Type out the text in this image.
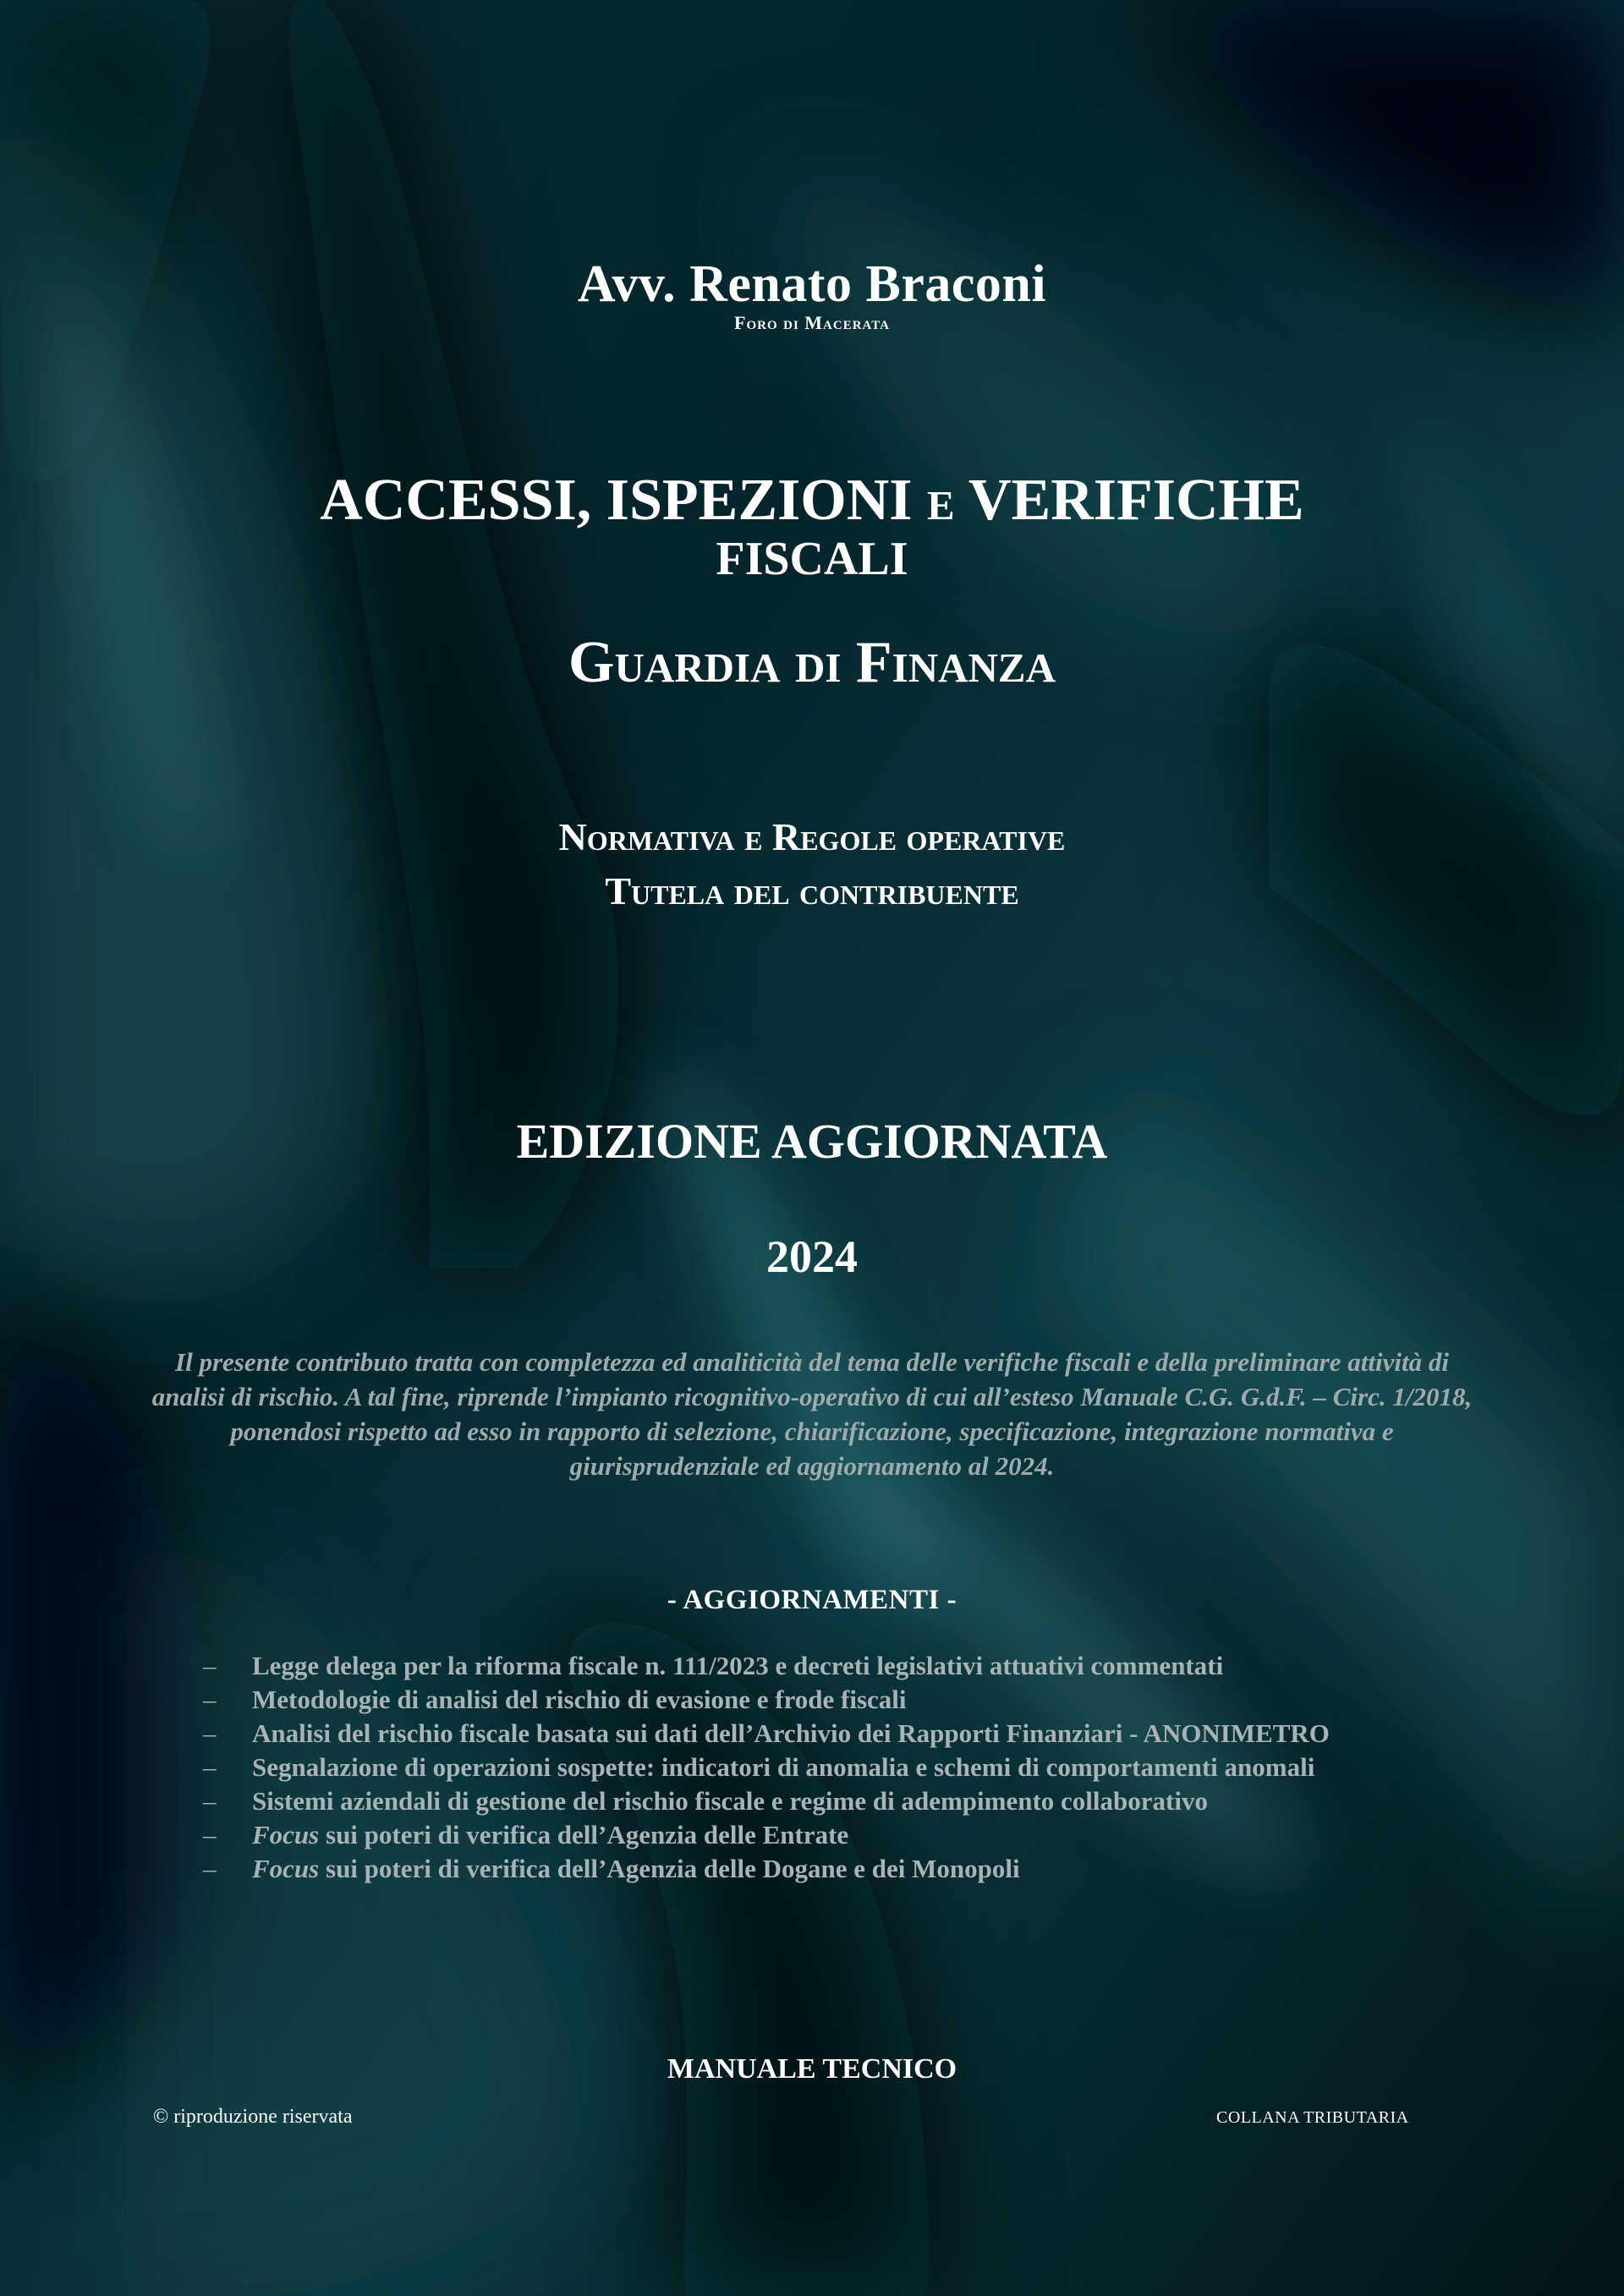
Avv. Renato Braconi
Foro di Macerata
ACCESSI, ISPEZIONI e VERIFICHE
FISCALI
Guardia di Finanza
Normativa e Regole operative
Tutela del contribuente
EDIZIONE AGGIORNATA
2024
Il presente contributo tratta con completezza ed analiticità del tema delle verifiche fiscali e della preliminare attività di analisi di rischio. A tal fine, riprende l’impianto ricognitivo-operativo di cui all’esteso Manuale C.G. G.d.F. – Circ. 1/2018, ponendosi rispetto ad esso in rapporto di selezione, chiarificazione, specificazione, integrazione normativa e giurisprudenziale ed aggiornamento al 2024.
- AGGIORNAMENTI -
– Legge delega per la riforma fiscale n. 111/2023 e decreti legislativi attuativi commentati
– Metodologie di analisi del rischio di evasione e frode fiscali
– Analisi del rischio fiscale basata sui dati dell’Archivio dei Rapporti Finanziari - ANONIMETRO
– Segnalazione di operazioni sospette: indicatori di anomalia e schemi di comportamenti anomali
– Sistemi aziendali di gestione del rischio fiscale e regime di adempimento collaborativo
– Focus sui poteri di verifica dell’Agenzia delle Entrate
– Focus sui poteri di verifica dell’Agenzia delle Dogane e dei Monopoli
MANUALE TECNICO
© riproduzione riservata	COLLANA TRIBUTARIA
